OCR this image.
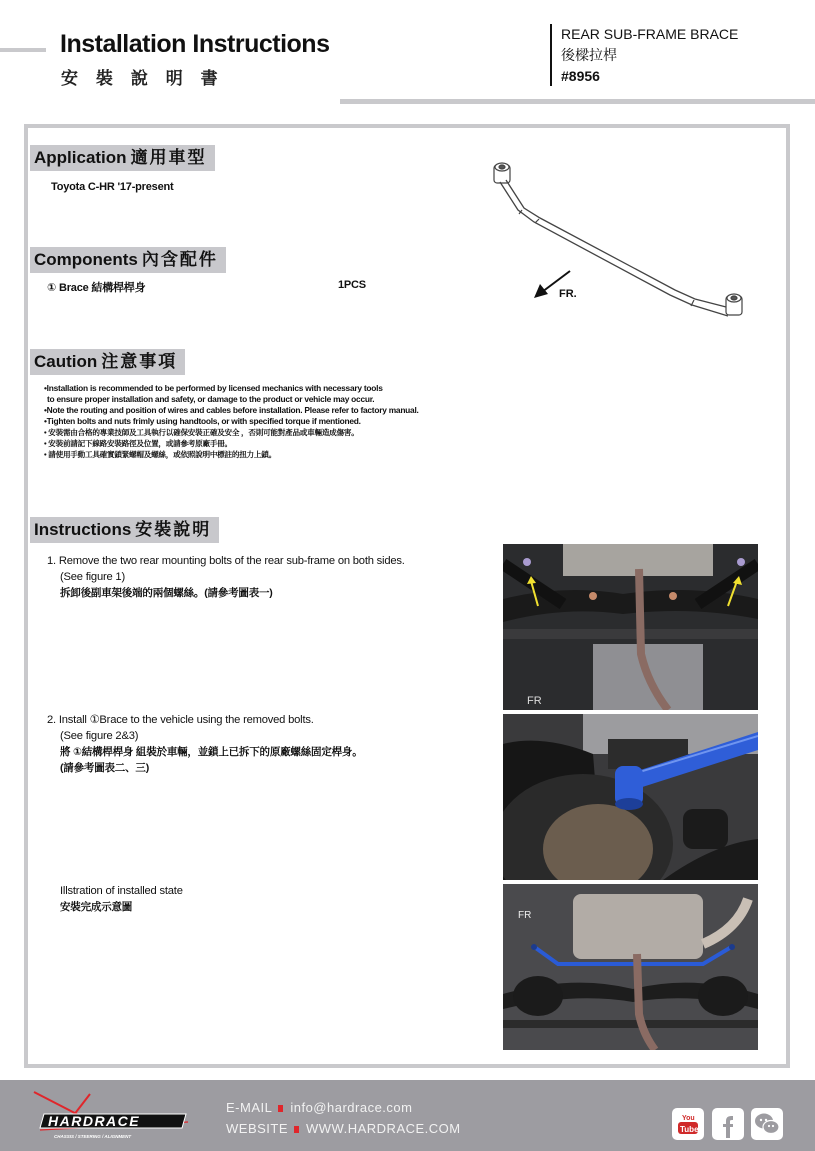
Installation Instructions
安 裝 說 明 書
REAR SUB-FRAME BRACE
後樑拉桿
#8956
Application 適用車型
Toyota C-HR '17-present
Components 內含配件
① Brace 結構桿桿身	1PCS
FR.
Caution 注意事項
•Installation is recommended to be performed by licensed mechanics with necessary tools
to ensure proper installation and safety, or damage to the product or vehicle may occur.
•Note the routing and position of wires and cables before installation. Please refer to factory manual.
•Tighten bolts and nuts frimly using handtools, or with specified torque if mentioned.
• 安裝需由合格的專業技師及工具執行以確保安裝正確及安全 ，否則可能對產品或車輛造成傷害。
• 安裝前請記下線路安裝路徑及位置，或請參考原廠手冊。
• 請使用手動工具確實鎖緊螺帽及螺絲，或依照說明中標註的扭力上鎖。
Instructions 安裝說明
1. Remove the two rear mounting bolts of the rear sub-frame on both sides.
(See figure 1)
拆卸後副車架後端的兩個螺絲。(請參考圖表一)
2. Install ①Brace to the vehicle using the removed bolts.
(See figure 2&3)
將 ①結構桿桿身 組裝於車輛，並鎖上已拆下的原廠螺絲固定桿身。
(請參考圖表二、三)
Illstration of installed state
安裝完成示意圖
FR
FR
HARDRACE
CHASSIS / STEERING / ALIGNMENT
E-MAIL info@hardrace.com
WEBSITE WWW.HARDRACE.COM
You
Tube
